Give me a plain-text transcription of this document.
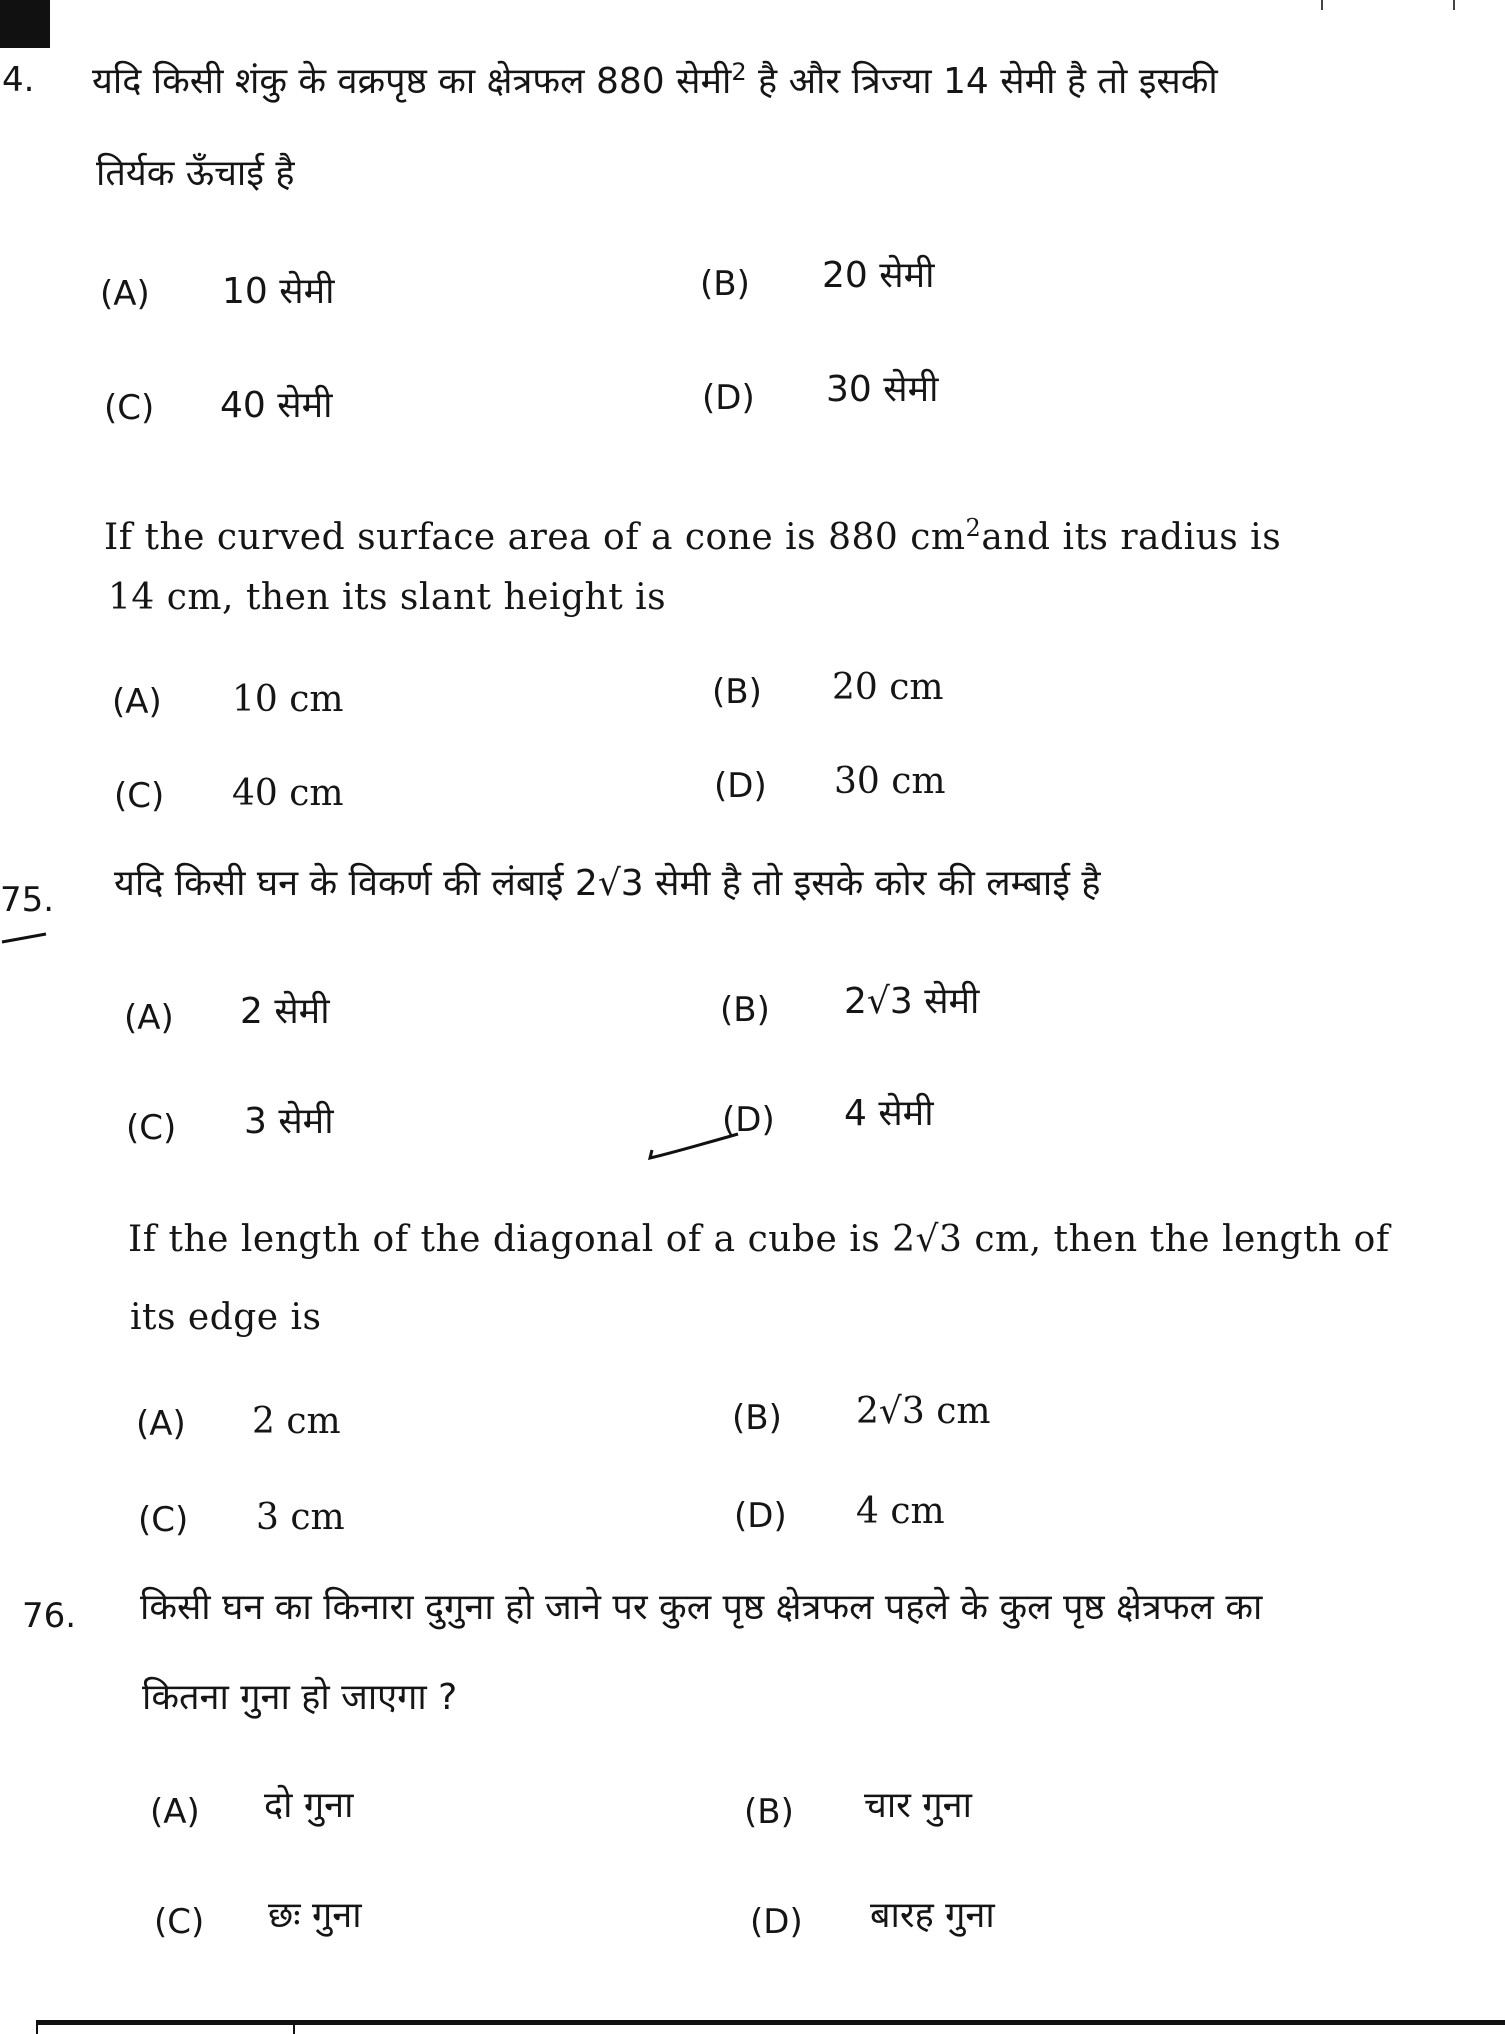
4. यदि किसी शंकु के वक्रपृष्ठ का क्षेत्रफल 880 सेमी$^2$ है और त्रिज्या 14 सेमी है तो इसकी
तिर्यक ऊँचाई है
(A) 10 सेमी	(B) 20 सेमी
(C) 40 सेमी	(D) 30 सेमी
If the curved surface area of a cone is 880 $cm^2and$ its radius is
14 cm, then its slant height is
(A) 10 cm	(B) 20 cm
(C) 40 cm	(D) 30 cm
75. यदि किसी घन के विकर्ण की लंबाई 2√3 सेमी है तो इसके कोर की लम्बाई है
(A) 2 सेमी	(B) 2√3 सेमी
(C) 3 सेमी	(D) 4 सेमी
If the length of the diagonal of a cube is 2√3 cm, then the length of
its edge is
(A) 2 cm	(B) 2√3 cm
(C) 3 cm	(D) 4 cm
76. किसी घन का किनारा दुगुना हो जाने पर कुल पृष्ठ क्षेत्रफल पहले के कुल पृष्ठ क्षेत्रफल का
कितना गुना हो जाएगा ?
(A) दो गुना	(B) चार गुना
(C) छः गुना	(D) बारह गुना
